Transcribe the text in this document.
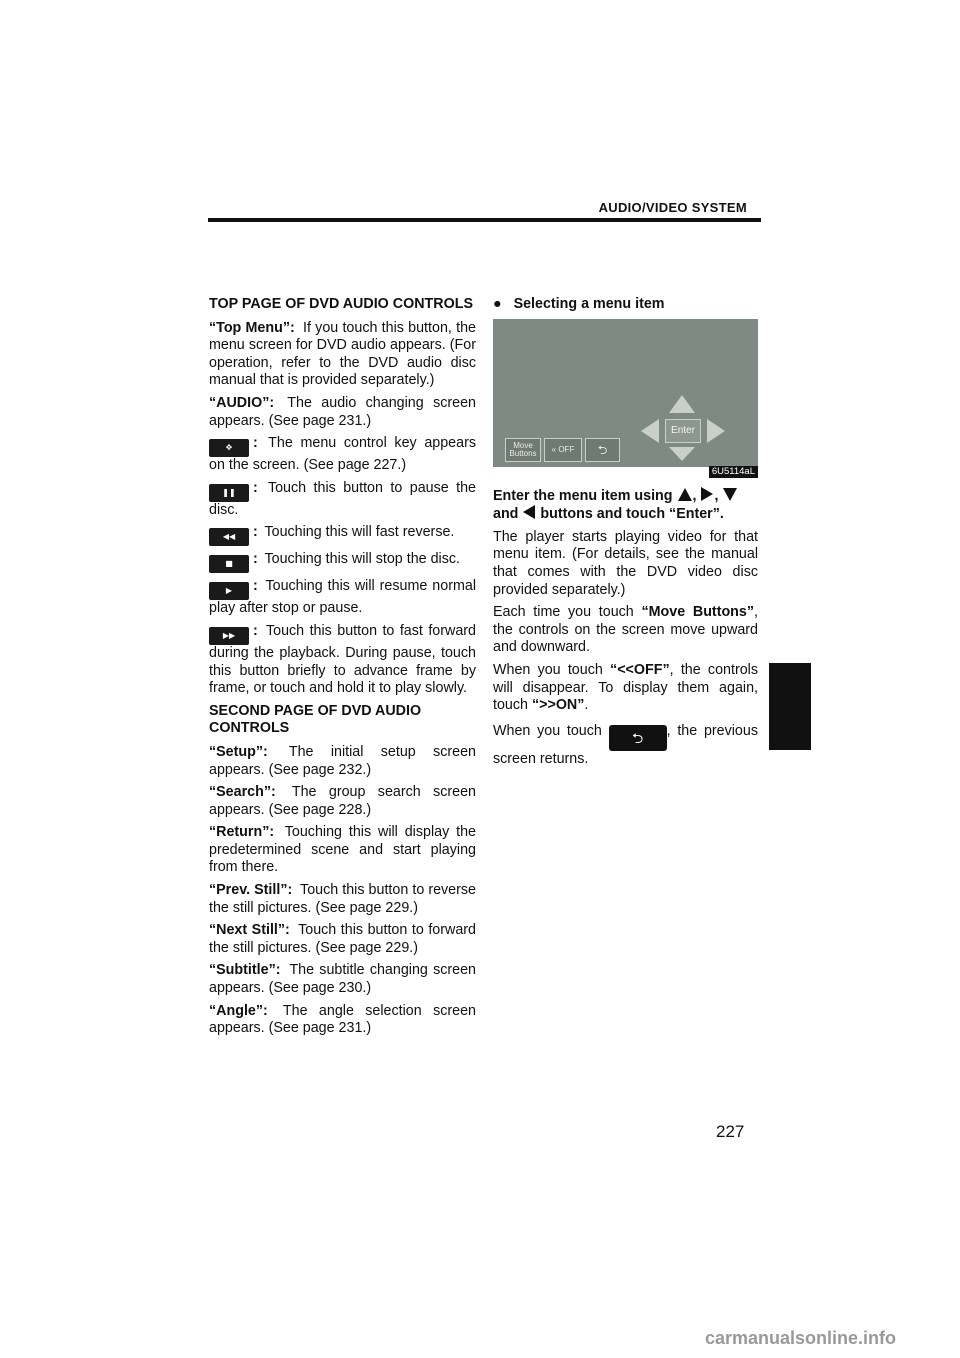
AUDIO/VIDEO SYSTEM

TOP PAGE OF DVD AUDIO CONTROLS

“Top Menu”: If you touch this button, the menu screen for DVD audio appears. (For operation, refer to the DVD audio disc manual that is provided separately.)

“AUDIO”: The audio changing screen appears. (See page 231.)

✥ : The menu control key appears on the screen. (See page 227.)

❚❚ : Touch this button to pause the disc.

◀◀ : Touching this will fast reverse.

■ : Touching this will stop the disc.

▶ : Touching this will resume normal play after stop or pause.

▶▶ : Touch this button to fast forward during the playback. During pause, touch this button briefly to advance frame by frame, or touch and hold it to play slowly.

SECOND PAGE OF DVD AUDIO CONTROLS

“Setup”: The initial setup screen appears. (See page 232.)

“Search”: The group search screen appears. (See page 228.)

“Return”: Touching this will display the predetermined scene and start playing from there.

“Prev. Still”: Touch this button to reverse the still pictures. (See page 229.)

“Next Still”: Touch this button to forward the still pictures. (See page 229.)

“Subtitle”: The subtitle changing screen appears. (See page 230.)

“Angle”: The angle selection screen appears. (See page 231.)

● Selecting a menu item

Enter
Move Buttons	« OFF ⮌
6U5114aL

Enter the menu item using , ,  and buttons and touch “Enter”.

The player starts playing video for that menu item. (For details, see the manual that comes with the DVD video disc provided separately.)

Each time you touch “Move Buttons”, the controls on the screen move upward and downward.

When you touch “<<OFF”, the controls will disappear. To display them again, touch “>>ON”.

When you touch ⮌ , the previous screen returns.

227
carmanualsonline.info
